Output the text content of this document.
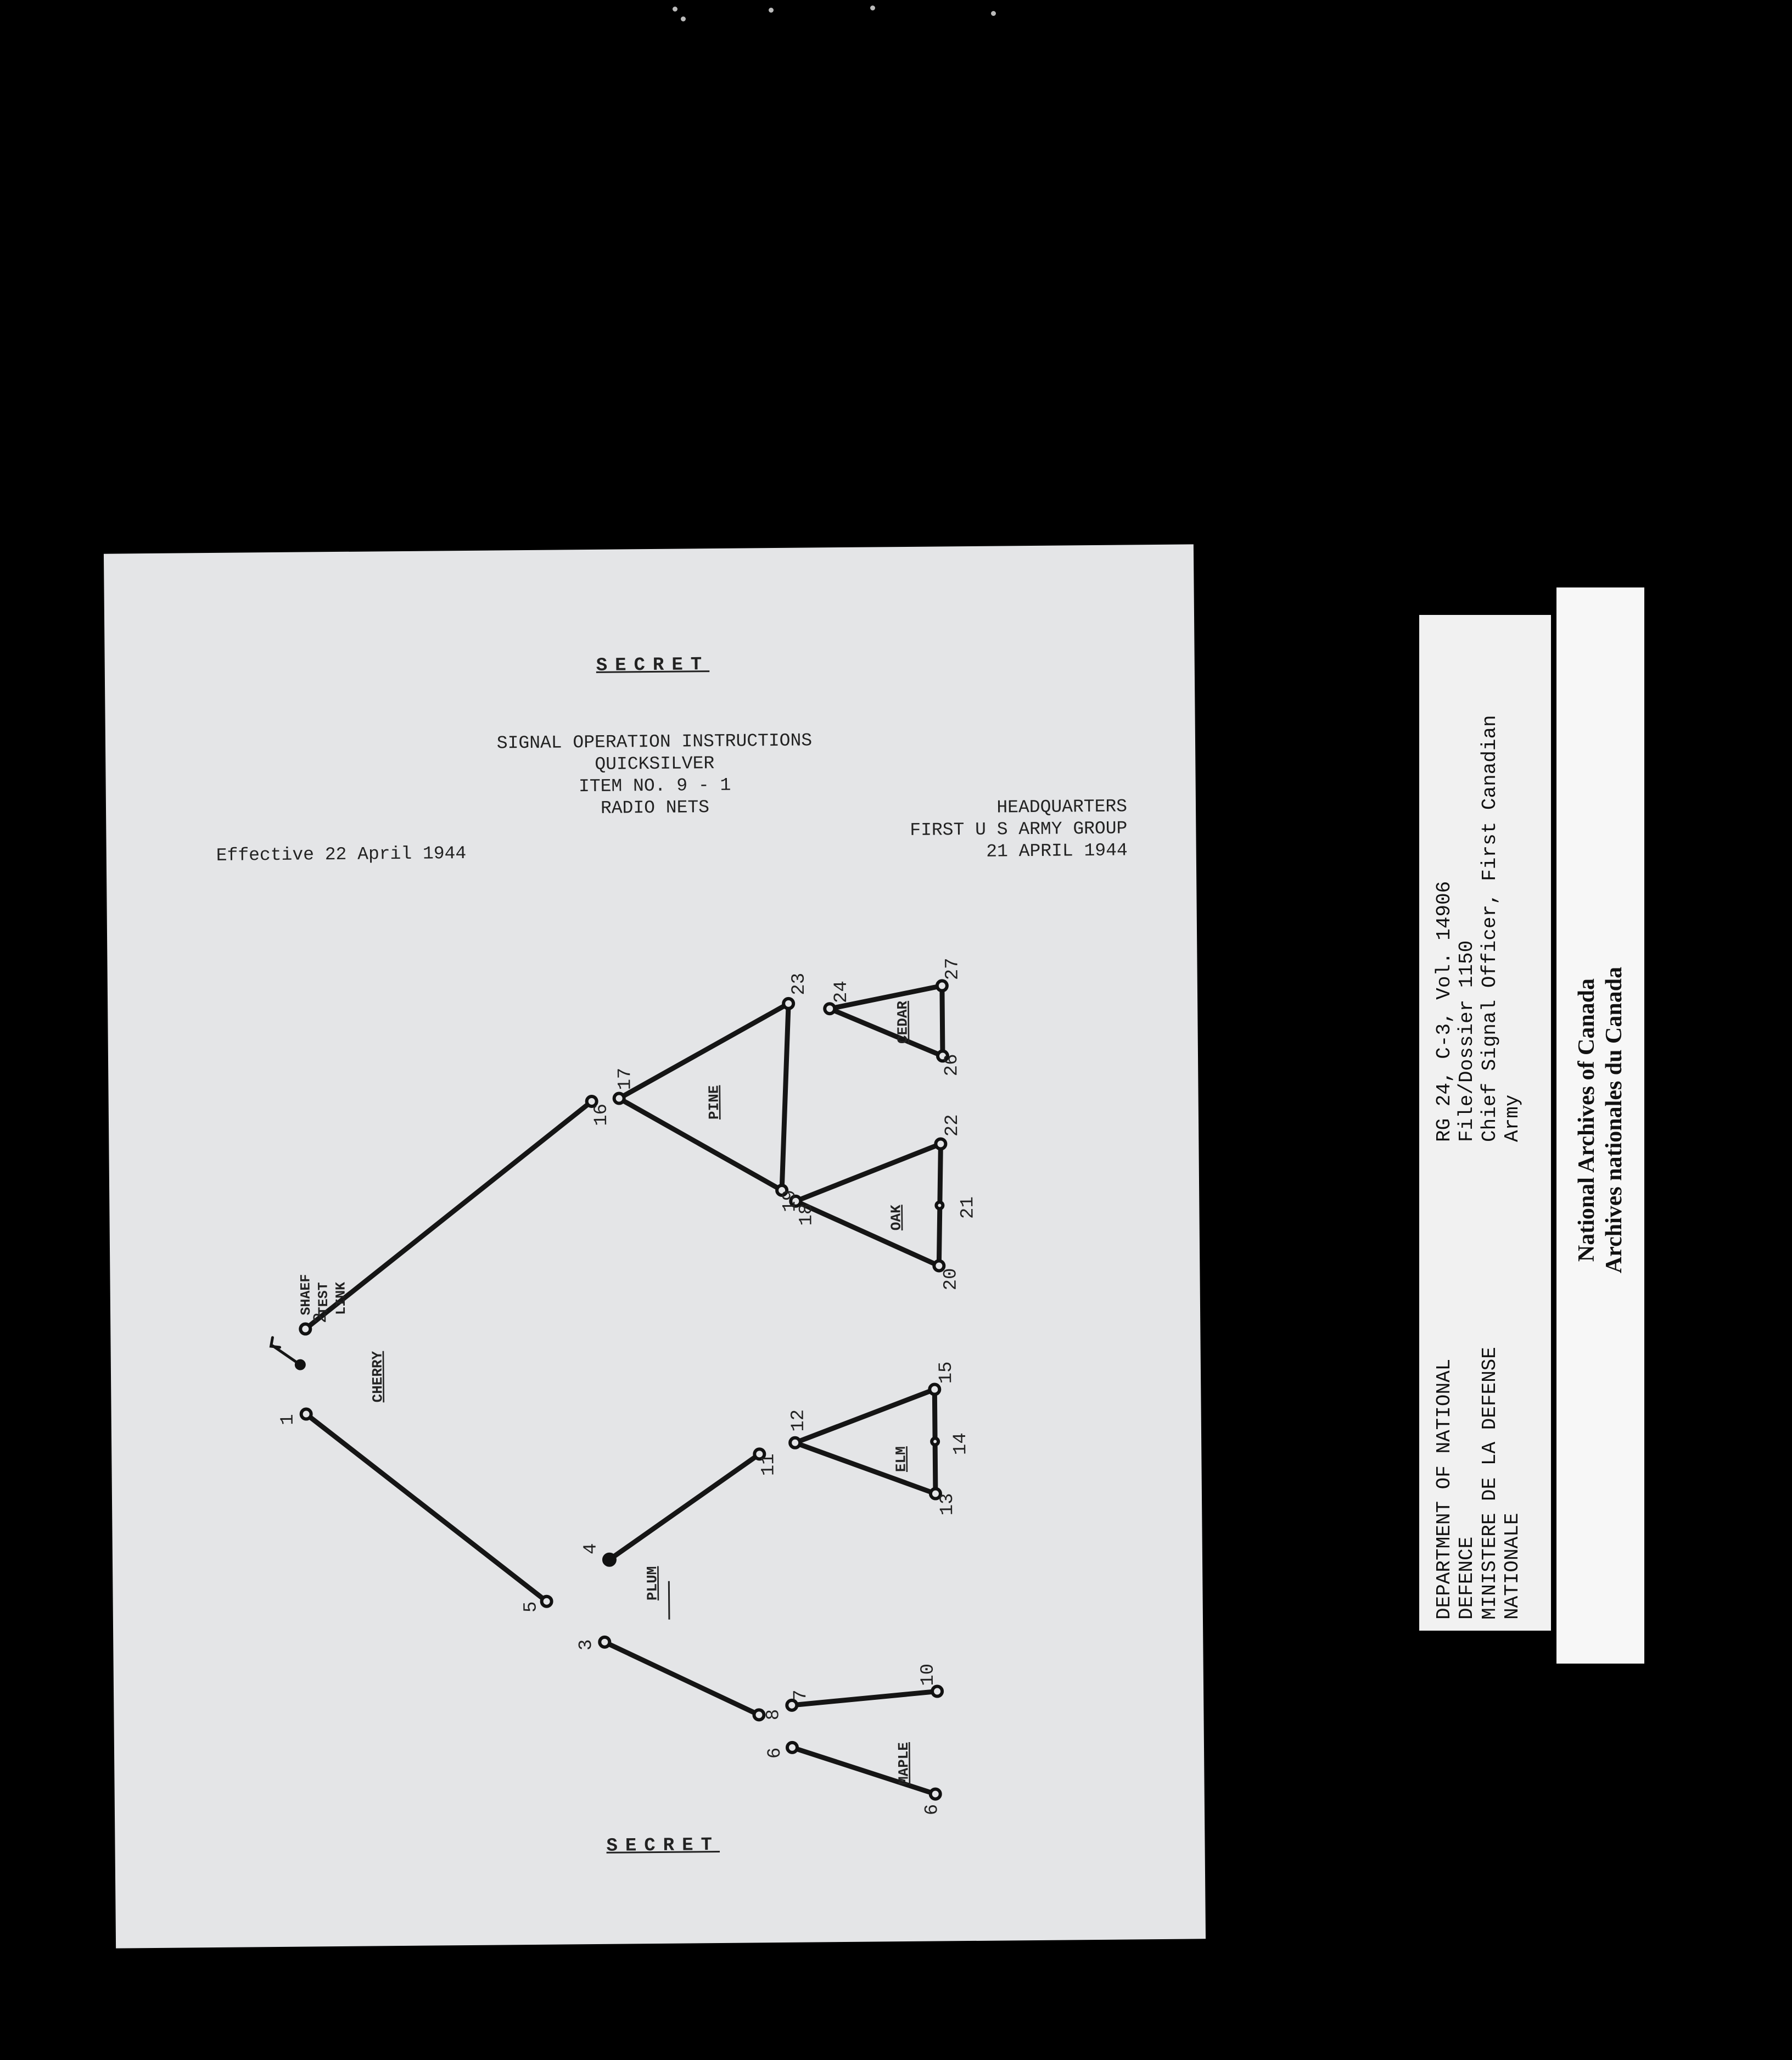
SECRET
SIGNAL OPERATION INSTRUCTIONS
QUICKSILVER
ITEM NO. 9 - 1
RADIO NETS
Effective 22 April 1944
HEADQUARTERS
FIRST U S ARMY GROUP
21 APRIL 1944
1
2
3
4
5
6
7
8
9
10
11
12
13
14
15
16
17
18
19
20
21
22
23 24
26
27
CHERRY
PLUM
PINE
OAK
ELM
CEDAR
MAPLE
SHAEF TEST LINK
SECRET
DEPARTMENT OF NATIONAL DEFENCE MINISTERE DE LA DEFENSE NATIONALE
RG 24, C-3, Vol. 14906 File/Dossier 1150 Chief Signal Officer, First Canadian Army National Archives of Canada Archives nationales du Canada
